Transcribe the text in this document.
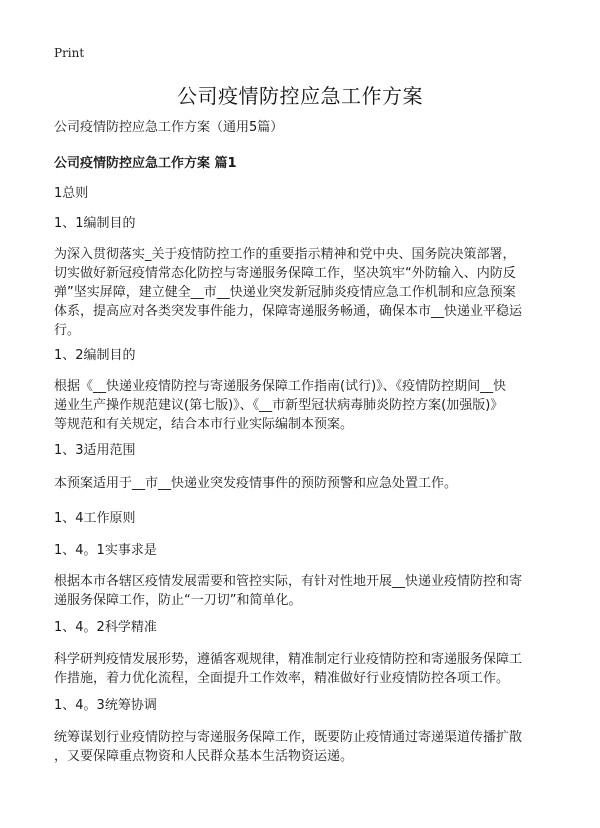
Print
公司疫情防控应急工作方案

公司疫情防控应急工作方案（通用5篇）

公司疫情防控应急工作方案 篇1

1总则

1、1编制目的

为深入贯彻落实_关于疫情防控工作的重要指示精神和党中央、国务院决策部署，
切实做好新冠疫情常态化防控与寄递服务保障工作，坚决筑牢“外防输入、内防反
弹”坚实屏障，建立健全__市__快递业突发新冠肺炎疫情应急工作机制和应急预案
体系，提高应对各类突发事件能力，保障寄递服务畅通，确保本市__快递业平稳运
行。

1、2编制目的

根据《__快递业疫情防控与寄递服务保障工作指南(试行)》、《疫情防控期间__快
递业生产操作规范建议(第七版)》、《__市新型冠状病毒肺炎防控方案(加强版)》
等规范和有关规定，结合本市行业实际编制本预案。

1、3适用范围

本预案适用于__市__快递业突发疫情事件的预防预警和应急处置工作。

1、4工作原则

1、4。1实事求是

根据本市各辖区疫情发展需要和管控实际，有针对性地开展__快递业疫情防控和寄
递服务保障工作，防止“一刀切”和简单化。

1、4。2科学精准

科学研判疫情发展形势，遵循客观规律，精准制定行业疫情防控和寄递服务保障工
作措施，着力优化流程，全面提升工作效率，精准做好行业疫情防控各项工作。

1、4。3统筹协调

统筹谋划行业疫情防控与寄递服务保障工作，既要防止疫情通过寄递渠道传播扩散
，又要保障重点物资和人民群众基本生活物资运递。
